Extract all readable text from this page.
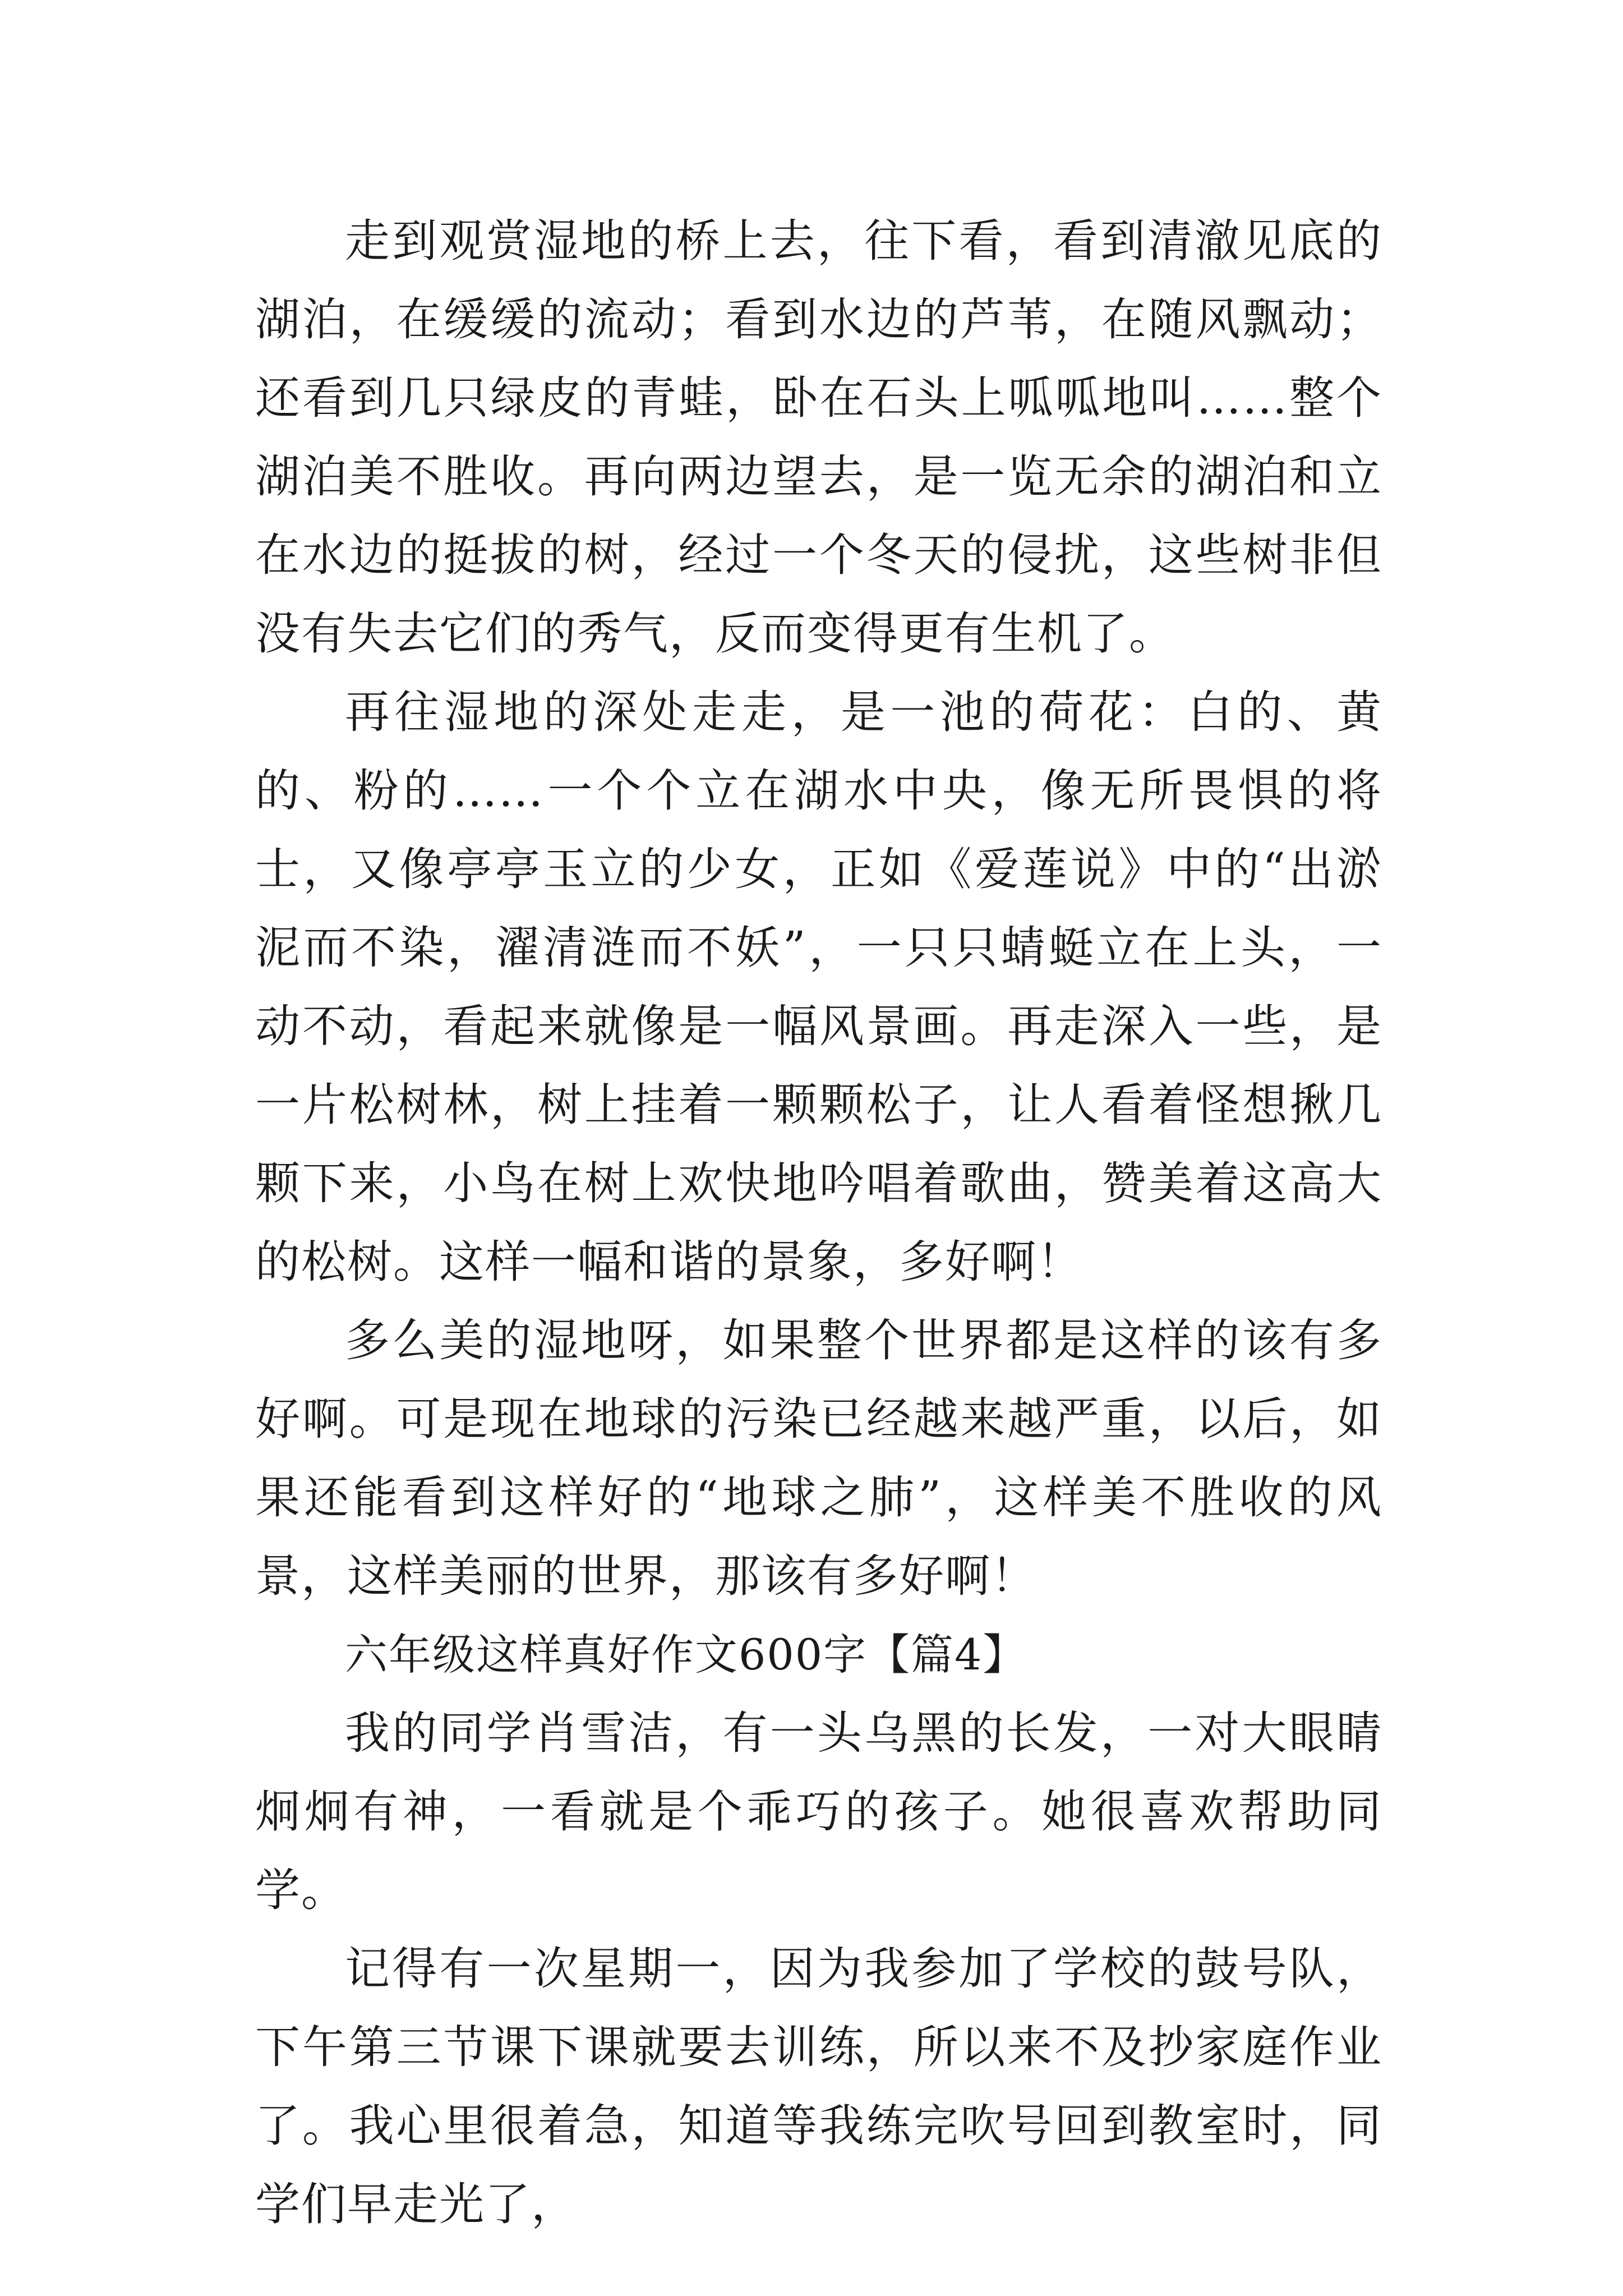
走到观赏湿地的桥上去，往下看，看到清澈见底的湖泊，在缓缓的流动；看到水边的芦苇，在随风飘动；还看到几只绿皮的青蛙，卧在石头上呱呱地叫……整个湖泊美不胜收。再向两边望去，是一览无余的湖泊和立在水边的挺拔的树，经过一个冬天的侵扰，这些树非但没有失去它们的秀气，反而变得更有生机了。

再往湿地的深处走走，是一池的荷花：白的、黄的、粉的……一个个立在湖水中央，像无所畏惧的将士，又像亭亭玉立的少女，正如《爱莲说》中的“出淤泥而不染，濯清涟而不妖”，一只只蜻蜓立在上头，一动不动，看起来就像是一幅风景画。再走深入一些，是一片松树林，树上挂着一颗颗松子，让人看着怪想揪几颗下来，小鸟在树上欢快地吟唱着歌曲，赞美着这高大的松树。这样一幅和谐的景象，多好啊！

多么美的湿地呀，如果整个世界都是这样的该有多好啊。可是现在地球的污染已经越来越严重，以后，如果还能看到这样好的“地球之肺”，这样美不胜收的风景，这样美丽的世界，那该有多好啊！

六年级这样真好作文600字【篇4】

我的同学肖雪洁，有一头乌黑的长发，一对大眼睛炯炯有神，一看就是个乖巧的孩子。她很喜欢帮助同学。

记得有一次星期一，因为我参加了学校的鼓号队，下午第三节课下课就要去训练，所以来不及抄家庭作业了。我心里很着急，知道等我练完吹号回到教室时，同学们早走光了，
